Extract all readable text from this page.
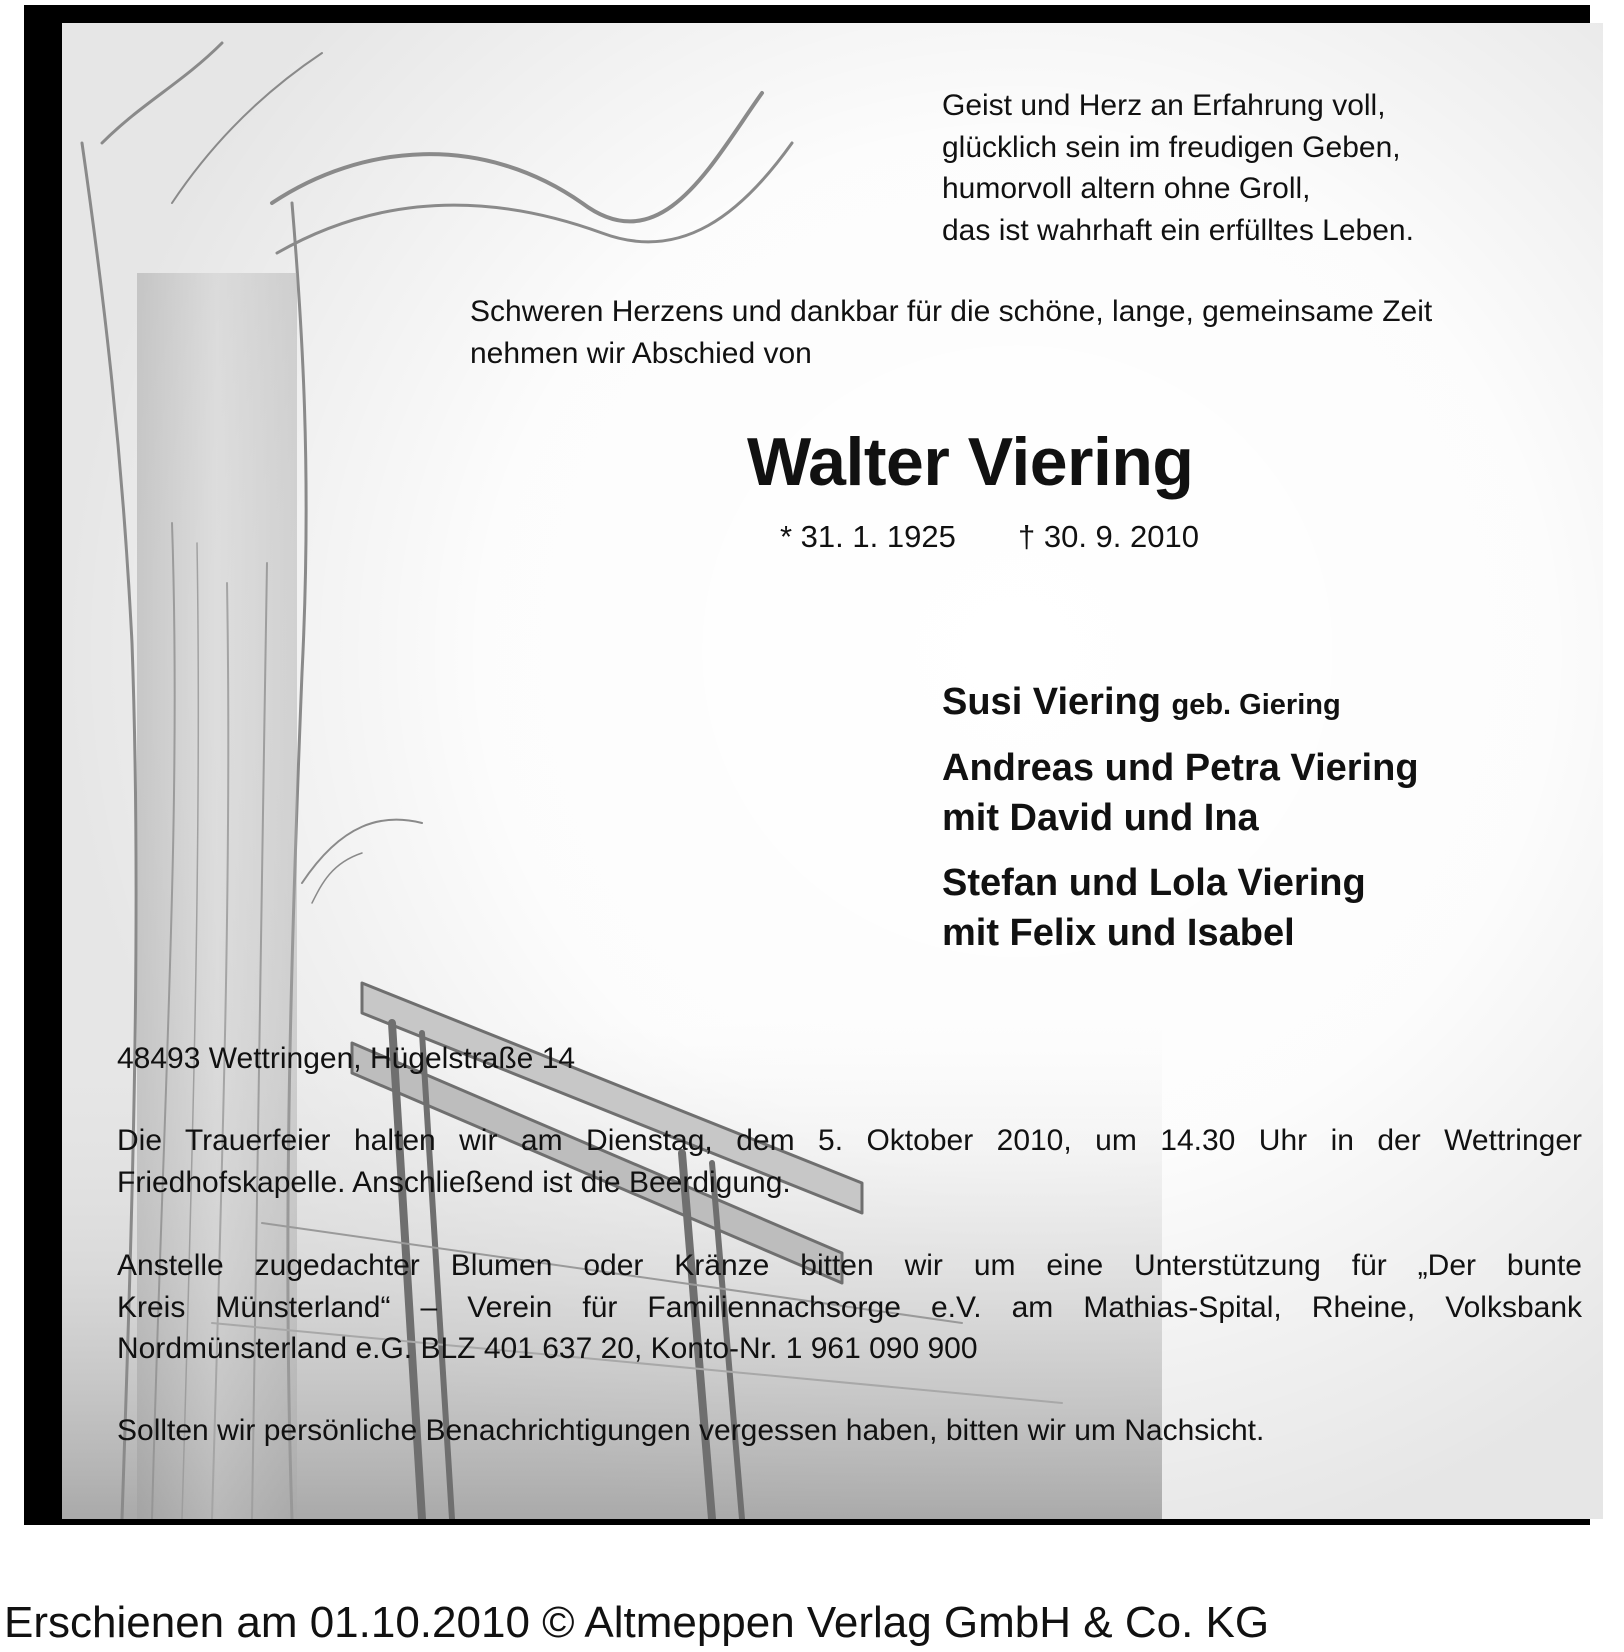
Geist und Herz an Erfahrung voll,
glücklich sein im freudigen Geben,
humorvoll altern ohne Groll,
das ist wahrhaft ein erfülltes Leben.
Schweren Herzens und dankbar für die schöne, lange, gemeinsame Zeit
nehmen wir Abschied von
Walter Viering
* 31. 1. 1925 † 30. 9. 2010
Susi Viering geb. Giering
Andreas und Petra Viering
mit David und Ina
Stefan und Lola Viering
mit Felix und Isabel
48493 Wettringen, Hügelstraße 14
Die Trauerfeier halten wir am Dienstag, dem 5. Oktober 2010, um 14.30 Uhr in der Wettringer
Friedhofskapelle. Anschließend ist die Beerdigung.
Anstelle zugedachter Blumen oder Kränze bitten wir um eine Unterstützung für „Der bunte
Kreis Münsterland“ – Verein für Familiennachsorge e.V. am Mathias-Spital, Rheine, Volksbank
Nordmünsterland e.G. BLZ 401 637 20, Konto-Nr. 1 961 090 900
Sollten wir persönliche Benachrichtigungen vergessen haben, bitten wir um Nachsicht.
Erschienen am 01.10.2010 © Altmeppen Verlag GmbH & Co. KG
